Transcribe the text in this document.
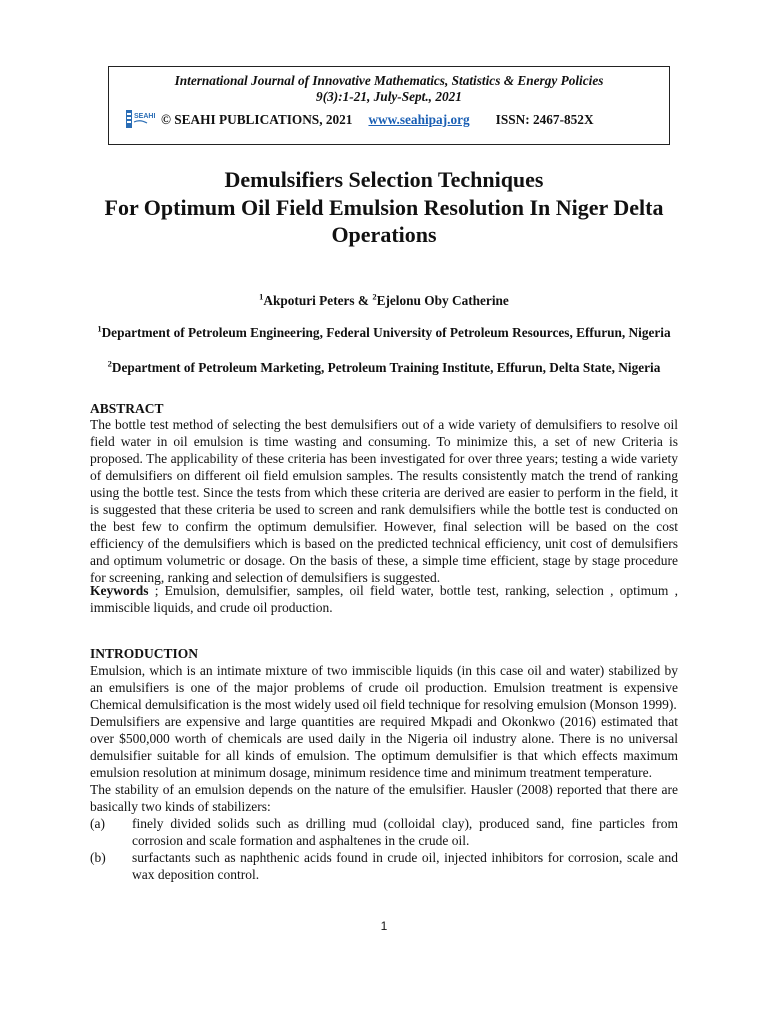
International Journal of Innovative Mathematics, Statistics & Energy Policies
9(3):1-21, July-Sept., 2021
SEAHI © SEAHI PUBLICATIONS, 2021 www.seahipaj.org ISSN: 2467-852X
Demulsifiers Selection Techniques
For Optimum Oil Field Emulsion Resolution In Niger Delta
Operations
$^1$Akpoturi Peters & $^2$Ejelonu Oby Catherine
$^1$Department of Petroleum Engineering, Federal University of Petroleum Resources, Effurun, Nigeria
$^2$Department of Petroleum Marketing, Petroleum Training Institute, Effurun, Delta State, Nigeria
ABSTRACT
The bottle test method of selecting the best demulsifiers out of a wide variety of demulsifiers to resolve oil field water in oil emulsion is time wasting and consuming. To minimize this, a set of new Criteria is proposed. The applicability of these criteria has been investigated for over three years; testing a wide variety of demulsifiers on different oil field emulsion samples. The results consistently match the trend of ranking using the bottle test. Since the tests from which these criteria are derived are easier to perform in the field, it is suggested that these criteria be used to screen and rank demulsifiers while the bottle test is conducted on the best few to confirm the optimum demulsifier. However, final selection will be based on the cost efficiency of the demulsifiers which is based on the predicted technical efficiency, unit cost of demulsifiers and optimum volumetric or dosage. On the basis of these, a simple time efficient, stage by stage procedure for screening, ranking and selection of demulsifiers is suggested.
Keywords ; Emulsion, demulsifier, samples, oil field water, bottle test, ranking, selection , optimum , immiscible liquids, and crude oil production.
INTRODUCTION

Emulsion, which is an intimate mixture of two immiscible liquids (in this case oil and water) stabilized by an emulsifiers is one of the major problems of crude oil production. Emulsion treatment is expensive Chemical demulsification is the most widely used oil field technique for resolving emulsion (Monson 1999).

Demulsifiers are expensive and large quantities are required Mkpadi and Okonkwo (2016) estimated that over $500,000 worth of chemicals are used daily in the Nigeria oil industry alone. There is no universal demulsifier suitable for all kinds of emulsion. The optimum demulsifier is that which effects maximum emulsion resolution at minimum dosage, minimum residence time and minimum treatment temperature.

The stability of an emulsion depends on the nature of the emulsifier. Hausler (2008) reported that there are basically two kinds of stabilizers:

(a)	finely divided solids such as drilling mud (colloidal clay), produced sand, fine particles from corrosion and scale formation and asphaltenes in the crude oil.
(b)	surfactants such as naphthenic acids found in crude oil, injected inhibitors for corrosion, scale and wax deposition control.
1
